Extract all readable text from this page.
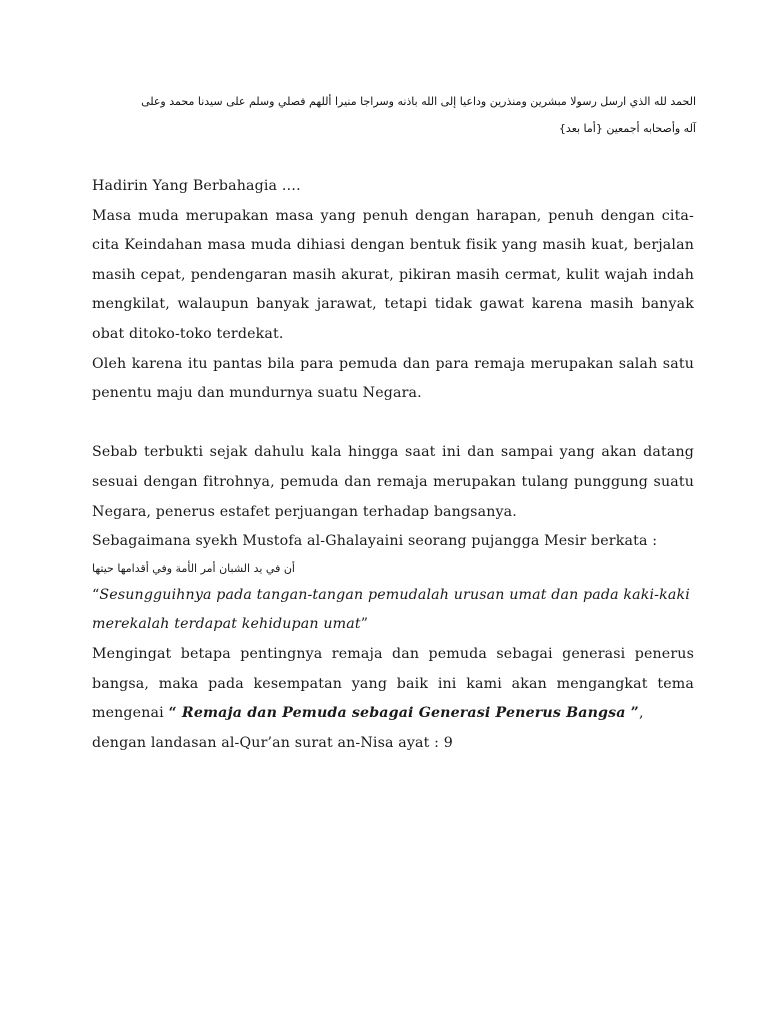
الحمد لله الذي ارسل رسولا مبشرين ومنذرين وداعيا إلى الله باذنه وسراجا منيرا أللهم فصلي وسلم على سيدنا محمد وعلى
آله وأصحابه أجمعين {أما بعد}

Hadirin Yang Berbahagia ….

Masa muda merupakan masa yang penuh dengan harapan, penuh dengan cita-cita Keindahan masa muda dihiasi dengan bentuk fisik yang masih kuat, berjalan masih cepat, pendengaran masih akurat, pikiran masih cermat, kulit wajah indah mengkilat, walaupun banyak jarawat, tetapi tidak gawat karena masih banyak obat ditoko-toko terdekat.

Oleh karena itu pantas bila para pemuda dan para remaja merupakan salah satu penentu maju dan mundurnya suatu Negara.

Sebab terbukti sejak dahulu kala hingga saat ini dan sampai yang akan datang sesuai dengan fitrohnya, pemuda dan remaja merupakan tulang punggung suatu Negara, penerus estafet perjuangan terhadap bangsanya.

Sebagaimana syekh Mustofa al-Ghalayaini seorang pujangga Mesir berkata :

أن في يد الشبان أمر الأمة وفي أقدامها حيتها

“Sesungguihnya pada tangan-tangan pemudalah urusan umat dan pada kaki-kaki merekalah terdapat kehidupan umat”

Mengingat betapa pentingnya remaja dan pemuda sebagai generasi penerus bangsa, maka pada kesempatan yang baik ini kami akan mengangkat tema mengenai “ Remaja dan Pemuda sebagai Generasi Penerus Bangsa ”,

dengan landasan al-Qur’an surat an-Nisa ayat : 9
